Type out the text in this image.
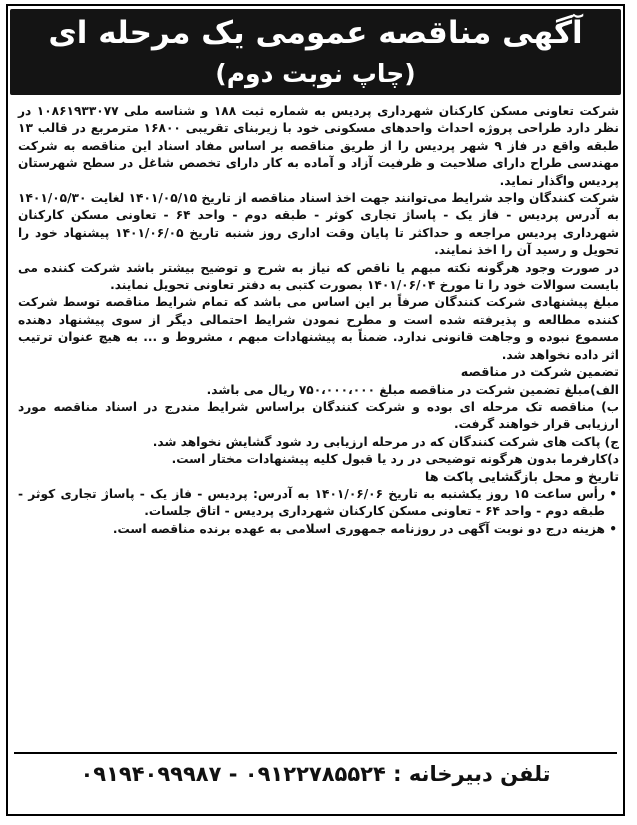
آگهی مناقصه عمومی یک مرحله ای
(چاپ نوبت دوم)

شرکت تعاونی مسکن کارکنان شهرداری پردیس به شماره ثبت ۱۸۸ و شناسه ملی ۱۰۸۶۱۹۳۳۰۷۷ در نظر دارد طراحی پروژه احداث واحدهای مسکونی خود با زیربنای تقریبی ۱۶۸۰۰ مترمربع در قالب ۱۳ طبقه واقع در فاز ۹ شهر پردیس را از طریق مناقصه بر اساس مفاد اسناد این مناقصه به شرکت مهندسی طراح دارای صلاحیت و ظرفیت آزاد و آماده به کار دارای تخصص شاغل در سطح شهرستان پردیس واگذار نماید.

شرکت کنندگان واجد شرایط می‌توانند جهت اخذ اسناد مناقصه از تاریخ ۱۴۰۱/۰۵/۱۵ لغایت ۱۴۰۱/۰۵/۳۰ به آدرس پردیس - فاز یک - پاساژ تجاری کوثر - طبقه دوم - واحد ۶۴ - تعاونی مسکن کارکنان شهرداری پردیس مراجعه و حداکثر تا پایان وقت اداری روز شنبه تاریخ ۱۴۰۱/۰۶/۰۵ پیشنهاد خود را تحویل و رسید آن را اخذ نمایند.

در صورت وجود هرگونه نکته مبهم یا ناقص که نیاز به شرح و توضیح بیشتر باشد شرکت کننده می بایست سوالات خود را تا مورخ ۱۴۰۱/۰۶/۰۴ بصورت کتبی به دفتر تعاونی تحویل نمایند.

مبلغ پیشنهادی شرکت کنندگان صرفاً بر این اساس می باشد که تمام شرایط مناقصه توسط شرکت کننده مطالعه و پذیرفته شده است و مطرح نمودن شرایط احتمالی دیگر از سوی پیشنهاد دهنده مسموع نبوده و وجاهت قانونی ندارد. ضمناً به پیشنهادات مبهم ، مشروط و ... به هیچ عنوان ترتیب اثر داده نخواهد شد.

تضمین شرکت در مناقصه

الف)مبلغ تضمین شرکت در مناقصه مبلغ ۷۵۰،۰۰۰،۰۰۰ ریال می باشد.

ب) مناقصه تک مرحله ای بوده و شرکت کنندگان براساس شرایط مندرج در اسناد مناقصه مورد ارزیابی قرار خواهند گرفت.

ج) پاکت های شرکت کنندگان که در مرحله ارزیابی رد شود گشایش نخواهد شد.

د)کارفرما بدون هرگونه توضیحی در رد یا قبول کلیه پیشنهادات مختار است.

تاریخ و محل بازگشایی پاکت ها

•
رأس ساعت ۱۵ روز یکشنبه به تاریخ ۱۴۰۱/۰۶/۰۶ به آدرس: پردیس - فاز یک - پاساژ تجاری کوثر - طبقه دوم - واحد ۶۴ - تعاونی مسکن کارکنان شهرداری پردیس - اتاق جلسات.

•
هزینه درج دو نوبت آگهی در روزنامه جمهوری اسلامی به عهده برنده مناقصه است.

تلفن دبیرخانه : ۰۹۱۲۲۷۸۵۵۲۴ - ۰۹۱۹۴۰۹۹۹۸۷
